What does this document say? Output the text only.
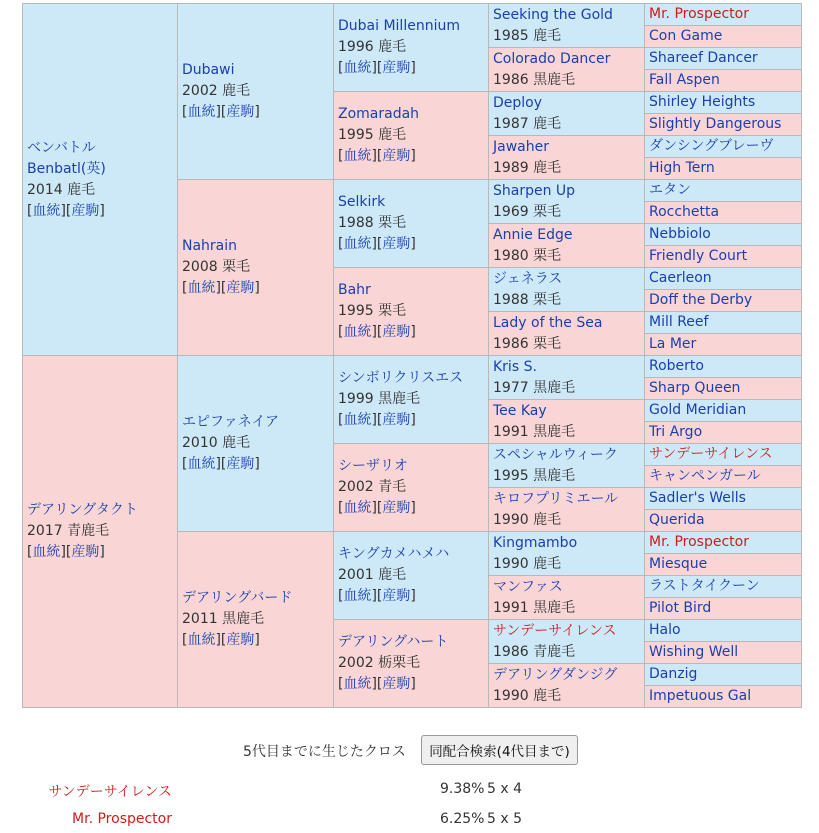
ベンバトル
Benbatl(英)
2014 鹿毛
[血統][産駒]	Dubawi
2002 鹿毛
[血統][産駒]	Dubai Millennium
1996 鹿毛
[血統][産駒]	Seeking the Gold
1985 鹿毛	Mr. Prospector

				Con Game

			Colorado Dancer
1986 黒鹿毛	Shareef Dancer

				Fall Aspen

		Zomaradah
1995 鹿毛
[血統][産駒]	Deploy
1987 鹿毛	Shirley Heights

				Slightly Dangerous

			Jawaher
1989 鹿毛	ダンシングブレーヴ

				High Tern

	Nahrain
2008 栗毛
[血統][産駒]	Selkirk
1988 栗毛
[血統][産駒]	Sharpen Up
1969 栗毛	エタン

				Rocchetta

			Annie Edge
1980 栗毛	Nebbiolo

				Friendly Court

		Bahr
1995 栗毛
[血統][産駒]	ジェネラス
1988 栗毛	Caerleon

				Doff the Derby

			Lady of the Sea
1986 栗毛	Mill Reef

				La Mer

デアリングタクト
2017 青鹿毛
[血統][産駒]	エピファネイア
2010 鹿毛
[血統][産駒]	シンボリクリスエス
1999 黒鹿毛
[血統][産駒]	Kris S.
1977 黒鹿毛	Roberto

				Sharp Queen

			Tee Kay
1991 黒鹿毛	Gold Meridian

				Tri Argo

		シーザリオ
2002 青毛
[血統][産駒]	スペシャルウィーク
1995 黒鹿毛	サンデーサイレンス

				キャンペンガール

			キロフプリミエール
1990 鹿毛	Sadler's Wells

				Querida

	デアリングバード
2011 黒鹿毛
[血統][産駒]	キングカメハメハ
2001 鹿毛
[血統][産駒]	Kingmambo
1990 鹿毛	Mr. Prospector

				Miesque

			マンファス
1991 黒鹿毛	ラストタイクーン

				Pilot Bird

		デアリングハート
2002 栃栗毛
[血統][産駒]	サンデーサイレンス
1986 青鹿毛	Halo

				Wishing Well

			デアリングダンジグ
1990 鹿毛	Danzig

				Impetuous Gal
5代目までに生じたクロス	同配合検索(4代目まで)
サンデーサイレンス	9.38% 5 x 4
Mr. Prospector	6.25% 5 x 5
